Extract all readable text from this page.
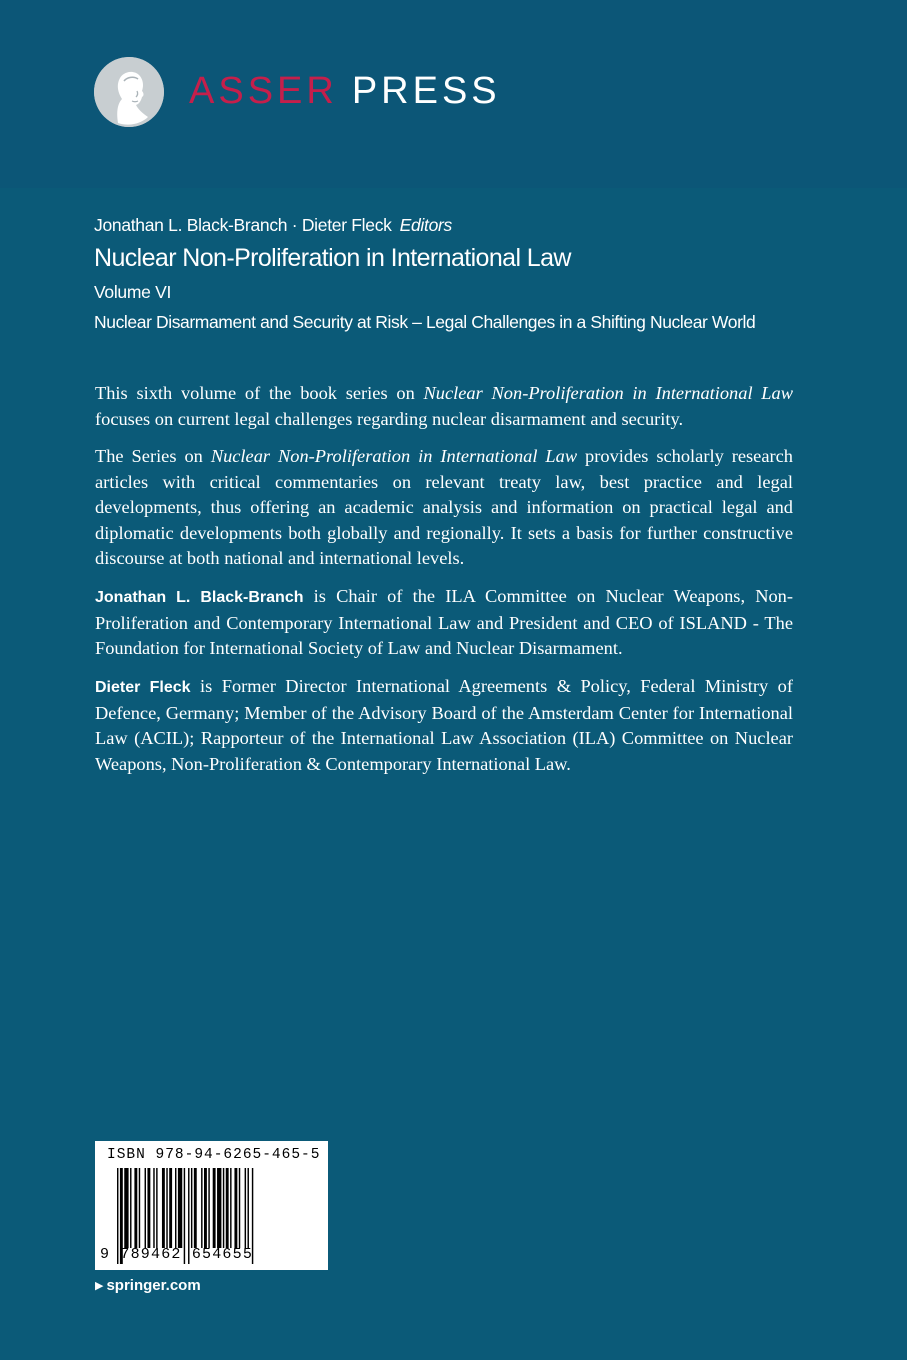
ASSER PRESS
Jonathan L. Black-Branch · Dieter Fleck Editors
Nuclear Non-Proliferation in International Law
Volume VI
Nuclear Disarmament and Security at Risk – Legal Challenges in a Shifting Nuclear World

This sixth volume of the book series on Nuclear Non-Proliferation in International Law focuses on current legal challenges regarding nuclear disarmament and security.

The Series on Nuclear Non-Proliferation in International Law provides scholarly research articles with critical commentaries on relevant treaty law, best practice and legal developments, thus offering an academic analysis and information on practical legal and diplomatic developments both globally and regionally. It sets a basis for further constructive discourse at both national and international levels.

Jonathan L. Black-Branch is Chair of the ILA Committee on Nuclear Weapons, Non-Proliferation and Contemporary International Law and President and CEO of ISLAND - The Foundation for International Society of Law and Nuclear Disarmament.

Dieter Fleck is Former Director International Agreements & Policy, Federal Ministry of Defence, Germany; Member of the Advisory Board of the Amsterdam Center for International Law (ACIL); Rapporteur of the International Law Association (ILA) Committee on Nuclear Weapons, Non-Proliferation & Contemporary International Law.

ISBN 978-94-6265-465-5
9 789462 654655
▶ springer.com
